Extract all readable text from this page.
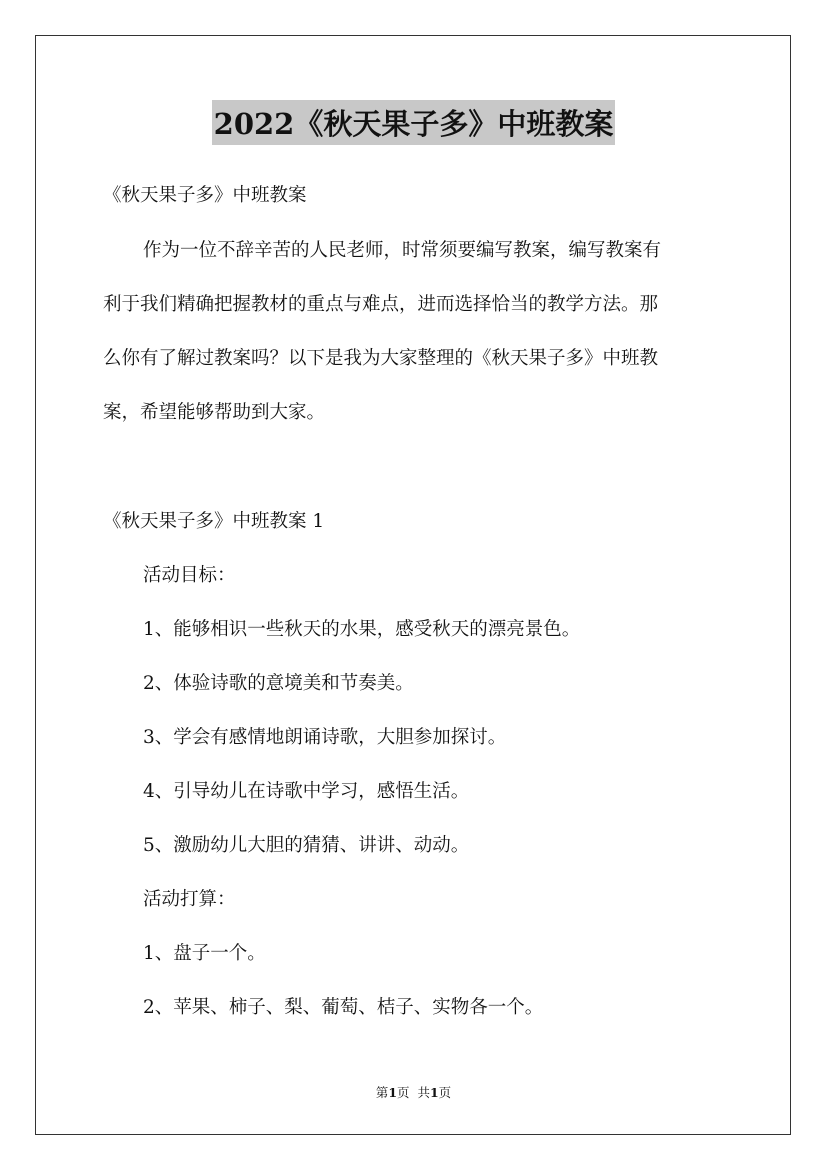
2022《秋天果子多》中班教案
《秋天果子多》中班教案
作为一位不辞辛苦的人民老师，时常须要编写教案，编写教案有
利于我们精确把握教材的重点与难点，进而选择恰当的教学方法。那
么你有了解过教案吗？以下是我为大家整理的《秋天果子多》中班教
案，希望能够帮助到大家。
《秋天果子多》中班教案 1
活动目标：
1、能够相识一些秋天的水果，感受秋天的漂亮景色。
2、体验诗歌的意境美和节奏美。
3、学会有感情地朗诵诗歌，大胆参加探讨。
4、引导幼儿在诗歌中学习，感悟生活。
5、激励幼儿大胆的猜猜、讲讲、动动。
活动打算：
1、盘子一个。
2、苹果、柿子、梨、葡萄、桔子、实物各一个。
第1页  共1页
